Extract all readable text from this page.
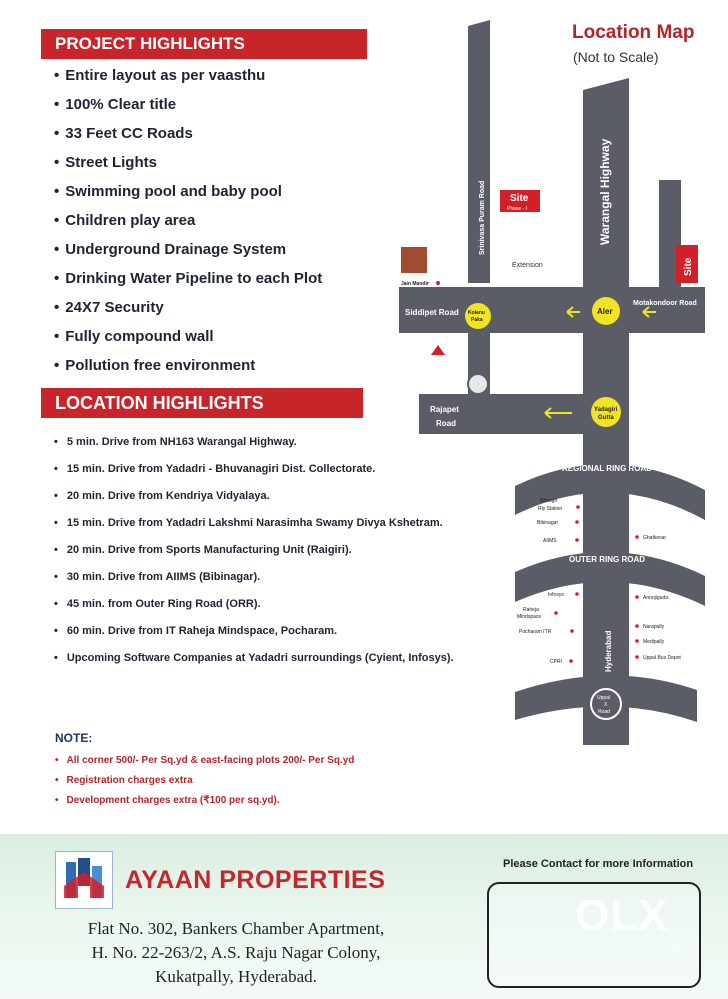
PROJECT HIGHLIGHTS
• Entire layout as per vaasthu
• 100% Clear title
• 33 Feet CC Roads
• Street Lights
• Swimming pool and baby pool
• Children play area
• Underground Drainage System
• Drinking Water Pipeline to each Plot
• 24X7 Security
• Fully compound wall
• Pollution free environment
LOCATION HIGHLIGHTS
• 5 min. Drive from NH163 Warangal Highway.
• 15 min. Drive from Yadadri - Bhuvanagiri Dist. Collectorate.
• 20 min. Drive from Kendriya Vidyalaya.
• 15 min. Drive from Yadadri Lakshmi Narasimha Swamy Divya Kshetram.
• 20 min. Drive from Sports Manufacturing Unit (Raigiri).
• 30 min. Drive from AIIMS (Bibinagar).
• 45 min. from Outer Ring Road (ORR).
• 60 min. Drive from IT Raheja Mindspace, Pocharam.
• Upcoming Software Companies at Yadadri surroundings (Cyient, Infosys).
NOTE:
• All corner 500/- Per Sq.yd & east-facing plots 200/- Per Sq.yd
• Registration charges extra
• Development charges extra (₹100 per sq.yd).
Location Map
(Not to Scale)
Warangal Highway
Srinivasa Puram Road
Siddipet Road
Motakondoor Road
Rajapet
Road
REGIONAL RING ROAD
OUTER RING ROAD
Hyderabad
Site
Phase - I
Site
Extension
Jain Mandir
Kolanu
Paka
Aler
Yadagiri
Gutta
Bhongir
Rly Station
Bibinagar
AIIMS	Ghatkesar
Infosys	Annojiguda
Raheja
Mindspace
Narapally
Pocharam ITR
Medipally
Uppal Bus Depot
CPRI
Uppal
X
Road
AYAAN PROPERTIES
Flat No. 302, Bankers Chamber Apartment,
H. No. 22-263/2, A.S. Raju Nagar Colony,
Kukatpally, Hyderabad.
Please Contact for more Information
OLX
INDIA
